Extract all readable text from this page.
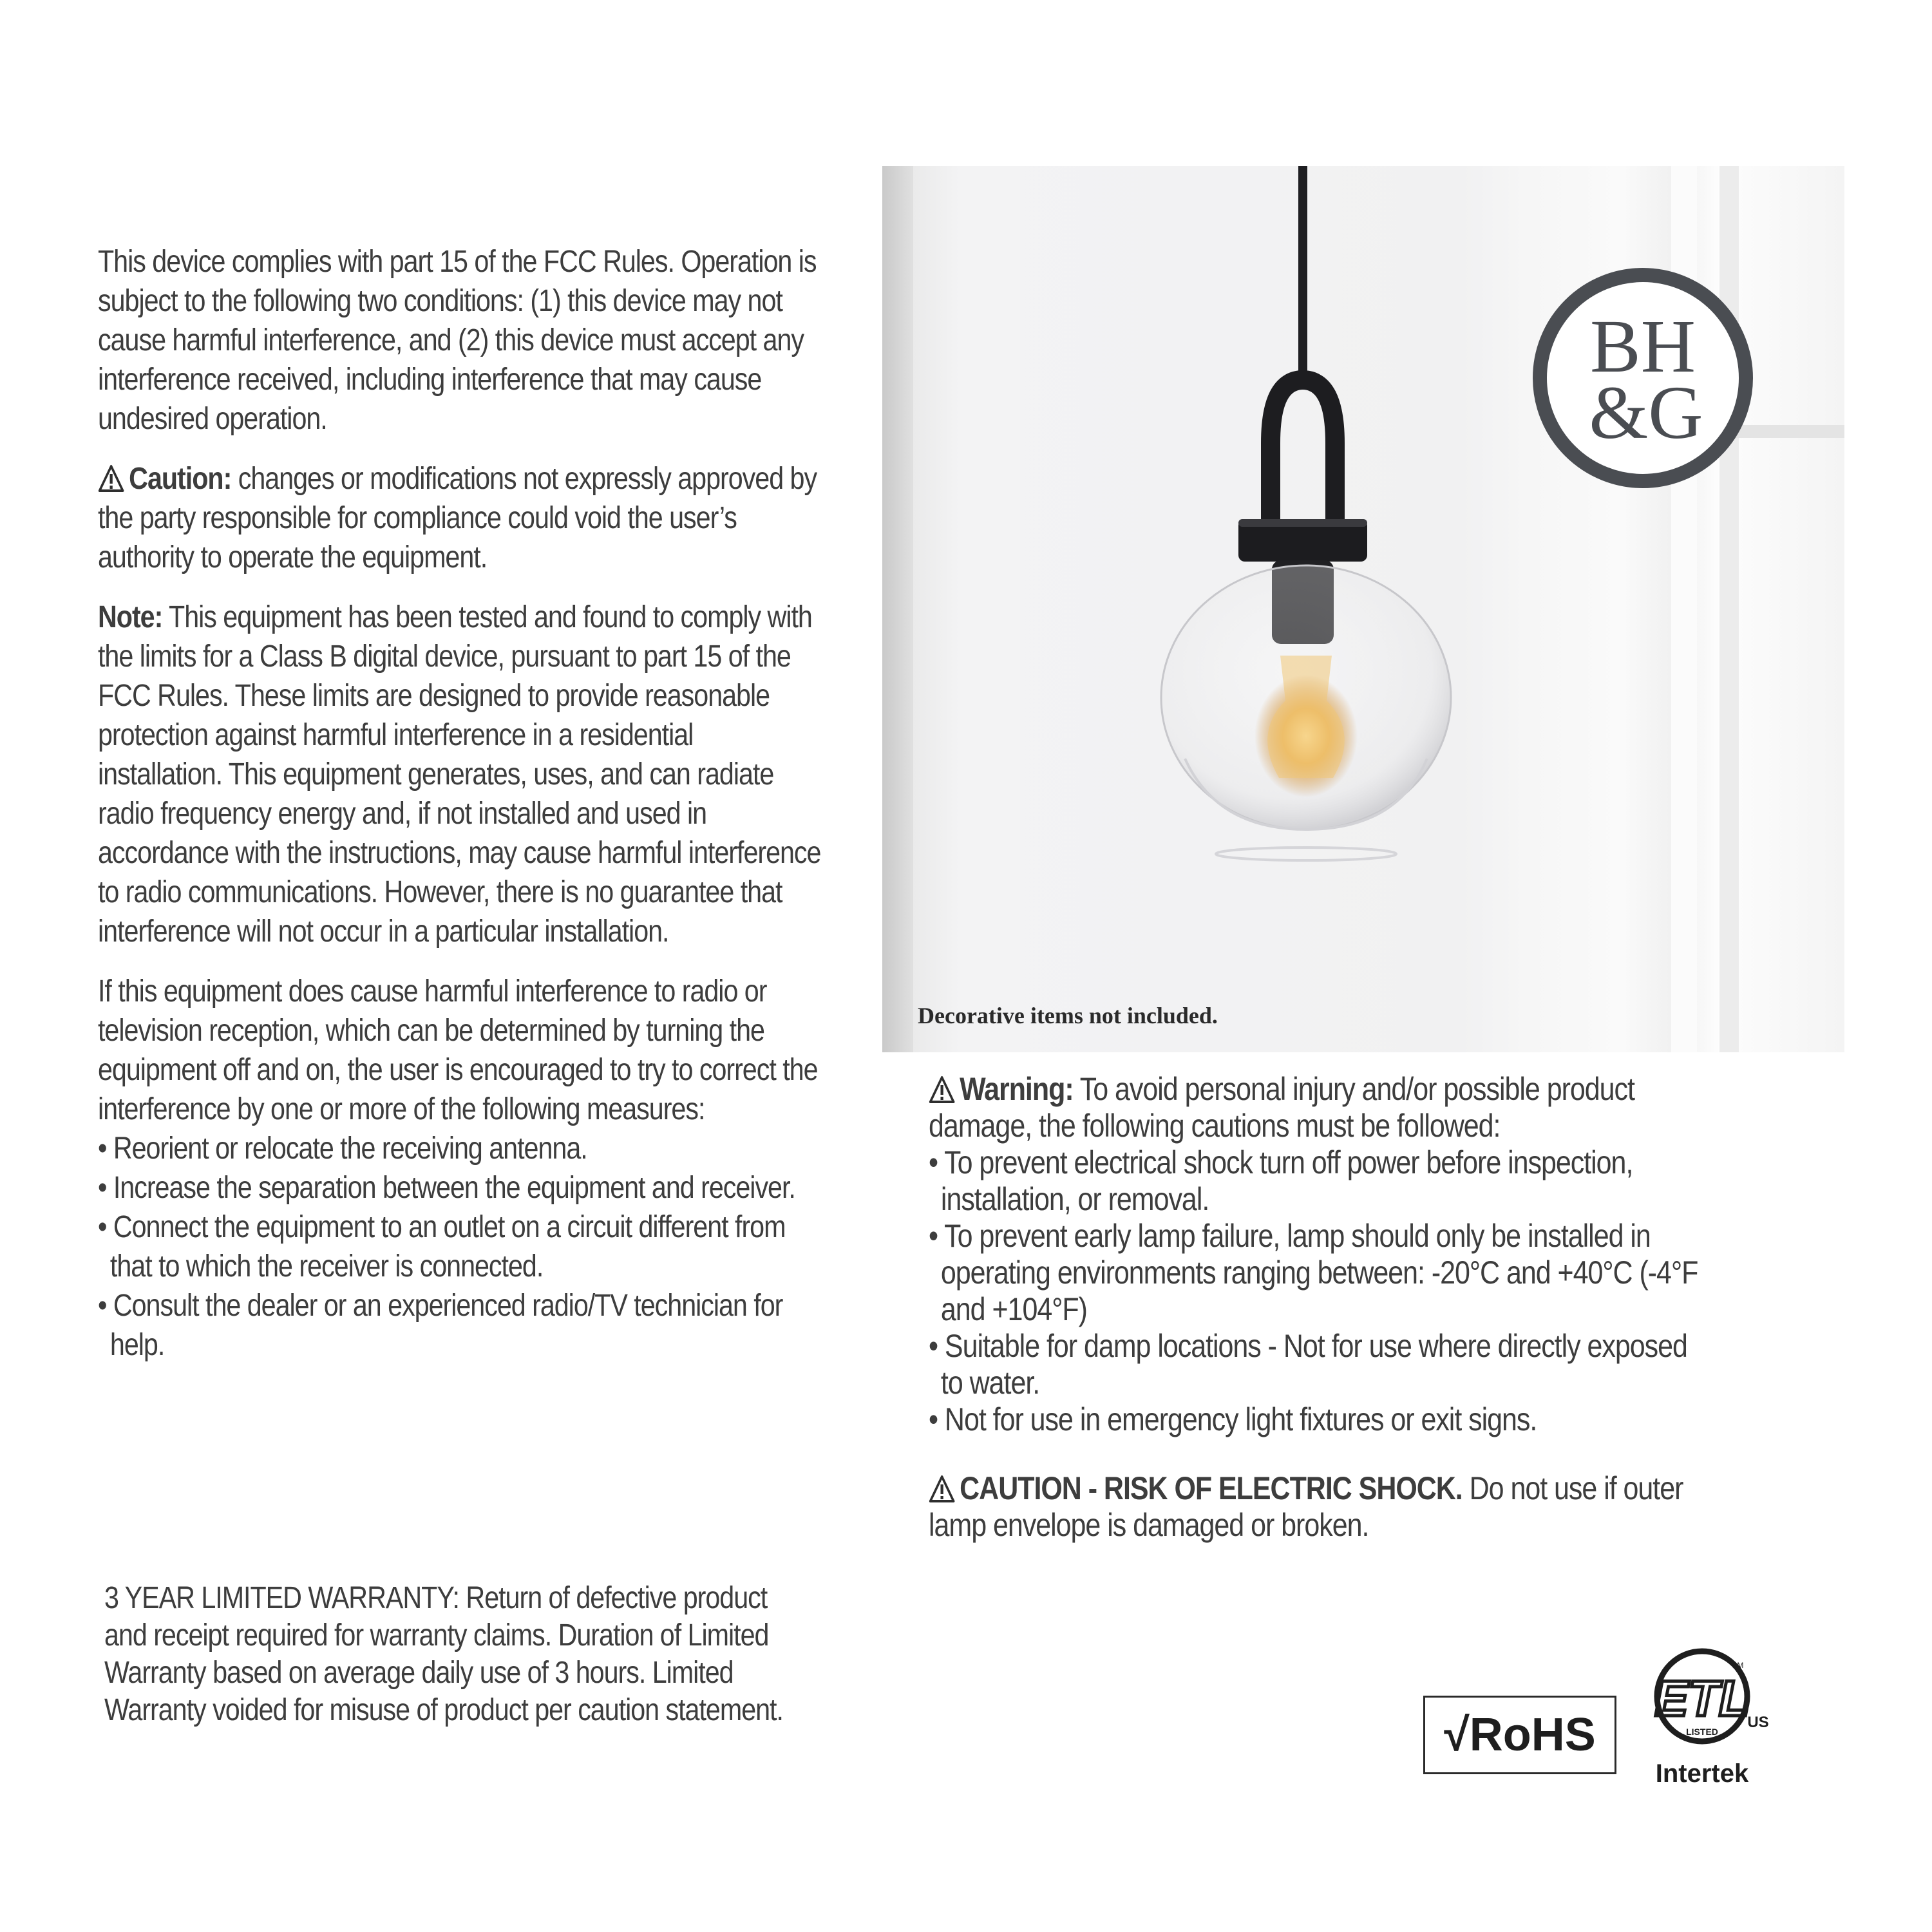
This device complies with part 15 of the FCC Rules. Operation is subject to the following two conditions: (1) this device may not cause harmful interference, and (2) this device must accept any interference received, including interference that may cause undesired operation.

Caution: changes or modifications not expressly approved by the party responsible for compliance could void the user’s authority to operate the equipment.

Note: This equipment has been tested and found to comply with the limits for a Class B digital device, pursuant to part 15 of the FCC Rules. These limits are designed to provide reasonable protection against harmful interference in a residential installation. This equipment generates, uses, and can radiate radio frequency energy and, if not installed and used in accordance with the instructions, may cause harmful interference to radio communications. However, there is no guarantee that interference will not occur in a particular installation.

If this equipment does cause harmful interference to radio or television reception, which can be determined by turning the equipment off and on, the user is encouraged to try to correct the interference by one or more of the following measures:

• Reorient or relocate the receiving antenna.

• Increase the separation between the equipment and receiver.

• Connect the equipment to an outlet on a circuit different from that to which the receiver is connected.

• Consult the dealer or an experienced radio/TV technician for help.

3 YEAR LIMITED WARRANTY: Return of defective product and receipt required for warranty claims. Duration of Limited Warranty based on average daily use of 3 hours. Limited Warranty voided for misuse of product per caution statement.
Decorative items not included.
BH
&G

Warning: To avoid personal injury and/or possible product damage, the following cautions must be followed:

• To prevent electrical shock turn off power before inspection, installation, or removal.

• To prevent early lamp failure, lamp should only be installed in operating environments ranging between: -20°C and +40°C (-4°F and +104°F)

• Suitable for damp locations - Not for use where directly exposed to water.

• Not for use in emergency light fixtures or exit signs.

CAUTION - RISK OF ELECTRIC SHOCK. Do not use if outer lamp envelope is damaged or broken.

√RoHS
ETL
LISTED
CM
US
Intertek
